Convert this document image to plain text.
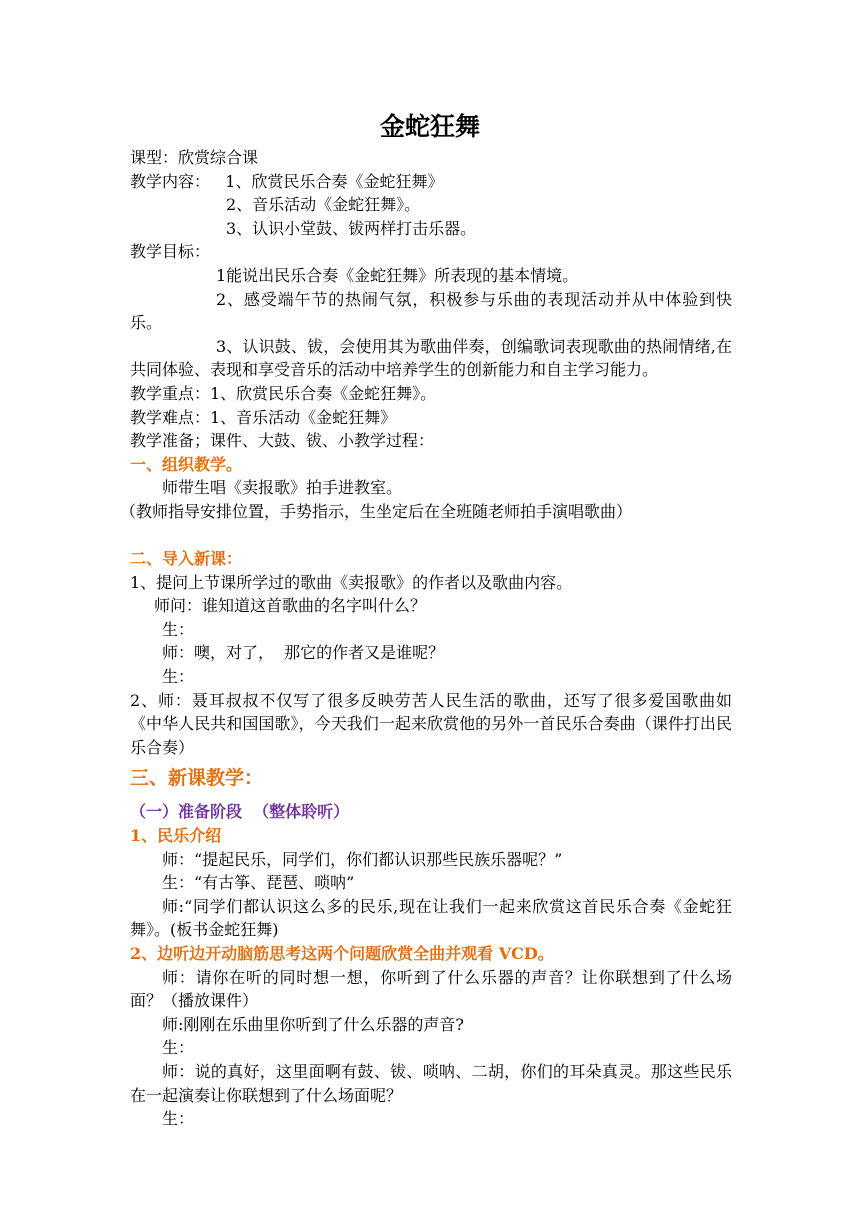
金蛇狂舞

课型：欣赏综合课

教学内容：   1、欣赏民乐合奏《金蛇狂舞》

2、音乐活动《金蛇狂舞》。

3、认识小堂鼓、钹两样打击乐器。

教学目标：

1能说出民乐合奏《金蛇狂舞》所表现的基本情境。

2、感受端午节的热闹气氛，积极参与乐曲的表现活动并从中体验到快乐。

3、认识鼓、钹，会使用其为歌曲伴奏，创编歌词表现歌曲的热闹情绪,在共同体验、表现和享受音乐的活动中培养学生的创新能力和自主学习能力。

教学重点：1、欣赏民乐合奏《金蛇狂舞》。

教学难点：1、音乐活动《金蛇狂舞》

教学准备；课件、大鼓、钹、小教学过程：

一、组织教学。

师带生唱《卖报歌》拍手进教室。

（教师指导安排位置，手势指示，生坐定后在全班随老师拍手演唱歌曲）

二、导入新课：

1、提问上节课所学过的歌曲《卖报歌》的作者以及歌曲内容。

师问：谁知道这首歌曲的名字叫什么？

生：

师：噢，对了，  那它的作者又是谁呢？

生：

2、师：聂耳叔叔不仅写了很多反映劳苦人民生活的歌曲，还写了很多爱国歌曲如《中华人民共和国国歌》，今天我们一起来欣赏他的另外一首民乐合奏曲（课件打出民乐合奏）

三、新课教学：

（一）准备阶段  （整体聆听）

1、民乐介绍

师：“提起民乐，同学们，你们都认识那些民族乐器呢？”

生：“有古筝、琵琶、唢呐”

师:“同学们都认识这么多的民乐,现在让我们一起来欣赏这首民乐合奏《金蛇狂舞》。(板书金蛇狂舞)

2、边听边开动脑筋思考这两个问题欣赏全曲并观看 VCD。

师：请你在听的同时想一想，你听到了什么乐器的声音？让你联想到了什么场面？（播放课件）

师:刚刚在乐曲里你听到了什么乐器的声音?

生：

师：说的真好，这里面啊有鼓、钹、唢呐、二胡，你们的耳朵真灵。那这些民乐在一起演奏让你联想到了什么场面呢？

生：
